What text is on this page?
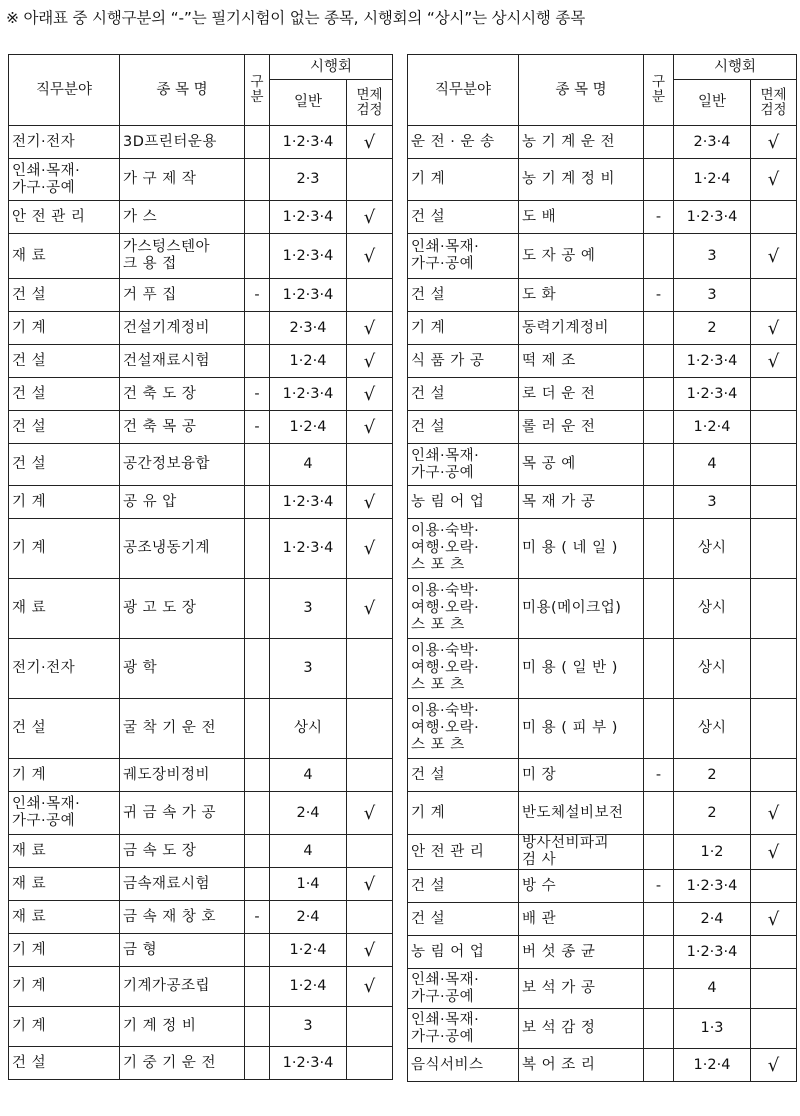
※ 아래표 중 시행구분의 “-”는 필기시험이 없는 종목, 시행회의 “상시”는 상시시행 종목
직무분야	종 목 명	구
분	시행회	
			일반	면제
검정
전기·전자	3D프린터운용		1·2·3·4	√
인쇄·목재·
가구·공예	가 구 제 작		2·3	
안 전 관 리	가 스		1·2·3·4	√
재 료	가스텅스텐아
크 용 접		1·2·3·4	√
건 설	거 푸 집	-	1·2·3·4	
기 계	건설기계정비		2·3·4	√
건 설	건설재료시험		1·2·4	√
건 설	건 축 도 장	-	1·2·3·4	√
건 설	건 축 목 공	-	1·2·4	√
건 설	공간정보융합		4	
기 계	공 유 압		1·2·3·4	√
기 계	공조냉동기계		1·2·3·4	√
재 료	광 고 도 장		3	√
전기·전자	광 학		3	
건 설	굴 착 기 운 전		상시	
기 계	궤도장비정비		4	
인쇄·목재·
가구·공예	귀 금 속 가 공		2·4	√
재 료	금 속 도 장		4	
재 료	금속재료시험		1·4	√
재 료	금 속 재 창 호	-	2·4	
기 계	금 형		1·2·4	√
기 계	기계가공조립		1·2·4	√
기 계	기 계 정 비		3	
건 설	기 중 기 운 전		1·2·3·4	
직무분야	종 목 명	구
분	시행회	
			일반	면제
검정
운 전 · 운 송	농 기 계 운 전		2·3·4	√
기 계	농 기 계 정 비		1·2·4	√
건 설	도 배	-	1·2·3·4	
인쇄·목재·
가구·공예	도 자 공 예		3	√
건 설	도 화	-	3	
기 계	동력기계정비		2	√
식 품 가 공	떡 제 조		1·2·3·4	√
건 설	로 더 운 전		1·2·3·4	
건 설	롤 러 운 전		1·2·4	
인쇄·목재·
가구·공예	목 공 예		4	
농 림 어 업	목 재 가 공		3	
이용·숙박·
여행·오락·
스 포 츠	미 용 ( 네 일 )		상시	
이용·숙박·
여행·오락·
스 포 츠	미용(메이크업)		상시	
이용·숙박·
여행·오락·
스 포 츠	미 용 ( 일 반 )		상시	
이용·숙박·
여행·오락·
스 포 츠	미 용 ( 피 부 )		상시	
건 설	미 장	-	2	
기 계	반도체설비보전		2	√
안 전 관 리	방사선비파괴
검 사		1·2	√
건 설	방 수	-	1·2·3·4	
건 설	배 관		2·4	√
농 림 어 업	버 섯 종 균		1·2·3·4	
인쇄·목재·
가구·공예	보 석 가 공		4	
인쇄·목재·
가구·공예	보 석 감 정		1·3	
음식서비스	복 어 조 리		1·2·4	√
